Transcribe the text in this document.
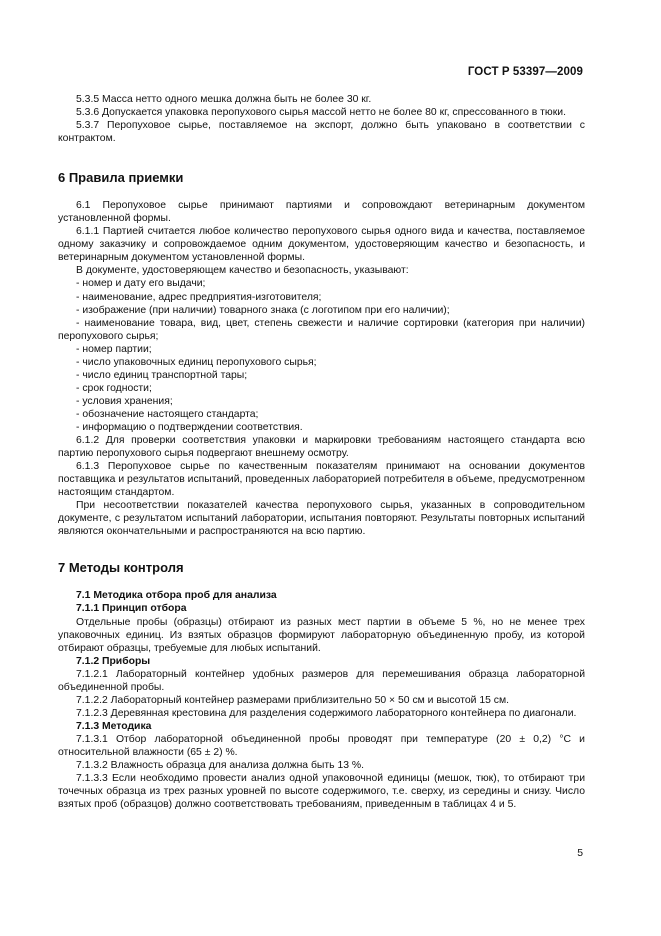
ГОСТ Р 53397—2009

5.3.5 Масса нетто одного мешка должна быть не более 30 кг.

5.3.6 Допускается упаковка перопухового сырья массой нетто не более 80 кг, спрессованного в тюки.

5.3.7 Перопуховое сырье, поставляемое на экспорт, должно быть упаковано в соответствии с контрактом.

6 Правила приемки

6.1 Перопуховое сырье принимают партиями и сопровождают ветеринарным документом установленной формы.

6.1.1 Партией считается любое количество перопухового сырья одного вида и качества, поставляемое одному заказчику и сопровождаемое одним документом, удостоверяющим качество и безопасность, и ветеринарным документом установленной формы.

В документе, удостоверяющем качество и безопасность, указывают:

- номер и дату его выдачи;

- наименование, адрес предприятия-изготовителя;

- изображение (при наличии) товарного знака (с логотипом при его наличии);

- наименование товара, вид, цвет, степень свежести и наличие сортировки (категория при наличии) перопухового сырья;

- номер партии;

- число упаковочных единиц перопухового сырья;

- число единиц транспортной тары;

- срок годности;

- условия хранения;

- обозначение настоящего стандарта;

- информацию о подтверждении соответствия.

6.1.2 Для проверки соответствия упаковки и маркировки требованиям настоящего стандарта всю партию перопухового сырья подвергают внешнему осмотру.

6.1.3 Перопуховое сырье по качественным показателям принимают на основании документов поставщика и результатов испытаний, проведенных лабораторией потребителя в объеме, предусмотренном настоящим стандартом.

При несоответствии показателей качества перопухового сырья, указанных в сопроводительном документе, с результатом испытаний лаборатории, испытания повторяют. Результаты повторных испытаний являются окончательными и распространяются на всю партию.

7 Методы контроля

7.1 Методика отбора проб для анализа

7.1.1 Принцип отбора

Отдельные пробы (образцы) отбирают из разных мест партии в объеме 5 %, но не менее трех упаковочных единиц. Из взятых образцов формируют лабораторную объединенную пробу, из которой отбирают образцы, требуемые для любых испытаний.

7.1.2 Приборы

7.1.2.1 Лабораторный контейнер удобных размеров для перемешивания образца лабораторной объединенной пробы.

7.1.2.2 Лабораторный контейнер размерами приблизительно 50 × 50 см и высотой 15 см.

7.1.2.3 Деревянная крестовина для разделения содержимого лабораторного контейнера по диагонали.

7.1.3 Методика

7.1.3.1 Отбор лабораторной объединенной пробы проводят при температуре (20 ± 0,2) °С и относительной влажности (65 ± 2) %.

7.1.3.2 Влажность образца для анализа должна быть 13 %.

7.1.3.3 Если необходимо провести анализ одной упаковочной единицы (мешок, тюк), то отбирают три точечных образца из трех разных уровней по высоте содержимого, т.е. сверху, из середины и снизу. Число взятых проб (образцов) должно соответствовать требованиям, приведенным в таблицах 4 и 5.

5
